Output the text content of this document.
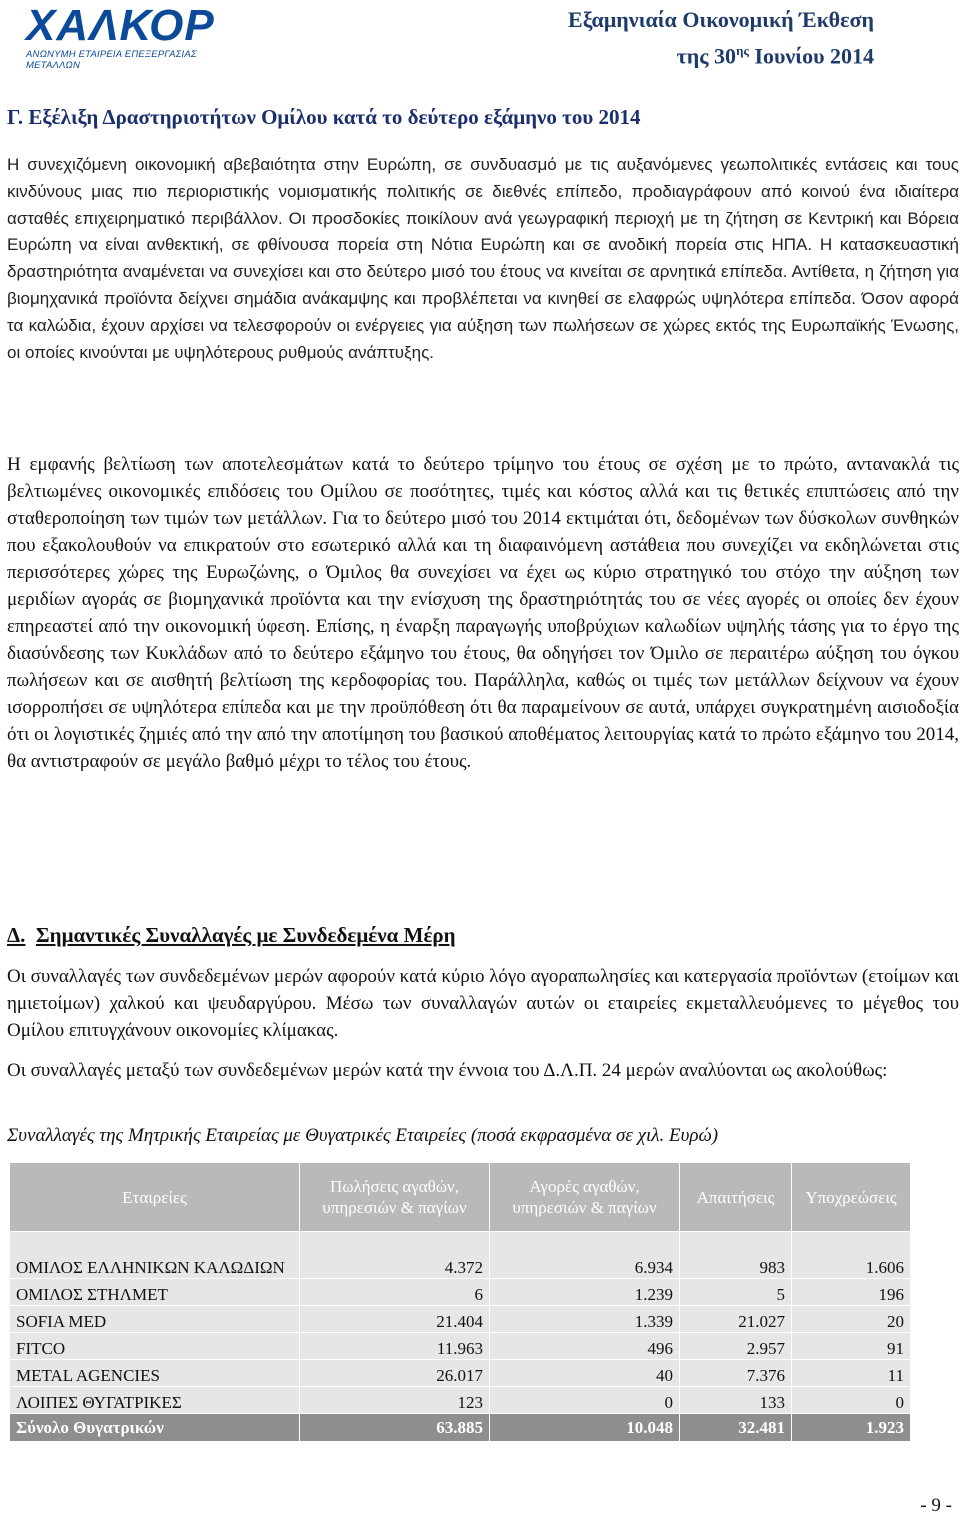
ΧΑΛΚΟΡ
ΑΝΩΝΥΜΗ ΕΤΑΙΡΕΙΑ ΕΠΕΞΕΡΓΑΣΙΑΣ ΜΕΤΑΛΛΩΝ
Εξαμηνιαία Οικονομική Έκθεση
της $30^{\eta\varsigma}$ Ιουνίου 2014
Γ. Εξέλιξη Δραστηριοτήτων Ομίλου κατά το δεύτερο εξάμηνο του 2014

Η συνεχιζόμενη οικονομική αβεβαιότητα στην Ευρώπη, σε συνδυασμό με τις αυξανόμενες γεωπολιτικές εντάσεις και τους κινδύνους μιας πιο περιοριστικής νομισματικής πολιτικής σε διεθνές επίπεδο, προδιαγράφουν από κοινού ένα ιδιαίτερα ασταθές επιχειρηματικό περιβάλλον. Οι προσδοκίες ποικίλουν ανά γεωγραφική περιοχή με τη ζήτηση σε Κεντρική και Βόρεια Ευρώπη να είναι ανθεκτική, σε φθίνουσα πορεία στη Νότια Ευρώπη και σε ανοδική πορεία στις ΗΠΑ. Η κατασκευαστική δραστηριότητα αναμένεται να συνεχίσει και στο δεύτερο μισό του έτους να κινείται σε αρνητικά επίπεδα. Αντίθετα, η ζήτηση για βιομηχανικά προϊόντα δείχνει σημάδια ανάκαμψης και προβλέπεται να κινηθεί σε ελαφρώς υψηλότερα επίπεδα. Όσον αφορά τα καλώδια, έχουν αρχίσει να τελεσφορούν οι ενέργειες για αύξηση των πωλήσεων σε χώρες εκτός της Ευρωπαϊκής Ένωσης, οι οποίες κινούνται με υψηλότερους ρυθμούς ανάπτυξης.

Η εμφανής βελτίωση των αποτελεσμάτων κατά το δεύτερο τρίμηνο του έτους σε σχέση με το πρώτο, αντανακλά τις βελτιωμένες οικονομικές επιδόσεις του Ομίλου σε ποσότητες, τιμές και κόστος αλλά και τις θετικές επιπτώσεις από την σταθεροποίηση των τιμών των μετάλλων. Για το δεύτερο μισό του 2014 εκτιμάται ότι, δεδομένων των δύσκολων συνθηκών που εξακολουθούν να επικρατούν στο εσωτερικό αλλά και τη διαφαινόμενη αστάθεια που συνεχίζει να εκδηλώνεται στις περισσότερες χώρες της Ευρωζώνης, ο Όμιλος θα συνεχίσει να έχει ως κύριο στρατηγικό του στόχο την αύξηση των μεριδίων αγοράς σε βιομηχανικά προϊόντα και την ενίσχυση της δραστηριότητάς του σε νέες αγορές οι οποίες δεν έχουν επηρεαστεί από την οικονομική ύφεση. Επίσης, η έναρξη παραγωγής υποβρύχιων καλωδίων υψηλής τάσης για το έργο της διασύνδεσης των Κυκλάδων από το δεύτερο εξάμηνο του έτους, θα οδηγήσει τον Όμιλο σε περαιτέρω αύξηση του όγκου πωλήσεων και σε αισθητή βελτίωση της κερδοφορίας του. Παράλληλα, καθώς οι τιμές των μετάλλων δείχνουν να έχουν ισορροπήσει σε υψηλότερα επίπεδα και με την προϋπόθεση ότι θα παραμείνουν σε αυτά, υπάρχει συγκρατημένη αισιοδοξία ότι οι λογιστικές ζημιές από την από την αποτίμηση του βασικού αποθέματος λειτουργίας κατά το πρώτο εξάμηνο του 2014, θα αντιστραφούν σε μεγάλο βαθμό μέχρι το τέλος του έτους.

Δ. Σημαντικές Συναλλαγές με Συνδεδεμένα Μέρη

Οι συναλλαγές των συνδεδεμένων μερών αφορούν κατά κύριο λόγο αγοραπωλησίες και κατεργασία προϊόντων (ετοίμων και ημιετοίμων) χαλκού και ψευδαργύρου. Μέσω των συναλλαγών αυτών οι εταιρείες εκμεταλλευόμενες το μέγεθος του Ομίλου επιτυγχάνουν οικονομίες κλίμακας.

Οι συναλλαγές μεταξύ των συνδεδεμένων μερών κατά την έννοια του Δ.Λ.Π. 24 μερών αναλύονται ως ακολούθως:

Συναλλαγές της Μητρικής Εταιρείας με Θυγατρικές Εταιρείες (ποσά εκφρασμένα σε χιλ. Ευρώ)
Εταιρείες	Πωλήσεις αγαθών, υπηρεσιών & παγίων	Αγορές αγαθών, υπηρεσιών & παγίων	Απαιτήσεις	Υποχρεώσεις
ΟΜΙΛΟΣ ΕΛΛΗΝΙΚΩΝ ΚΑΛΩΔΙΩΝ	4.372	6.934	983	1.606
ΟΜΙΛΟΣ ΣΤΗΛΜΕΤ	6	1.239	5	196
SOFIA MED	21.404	1.339	21.027	20
FITCO	11.963	496	2.957	91
METAL AGENCIES	26.017	40	7.376	11
ΛΟΙΠΕΣ ΘΥΓΑΤΡΙΚΕΣ	123	0	133	0
Σύνολο Θυγατρικών	63.885	10.048	32.481	1.923
- 9 -
